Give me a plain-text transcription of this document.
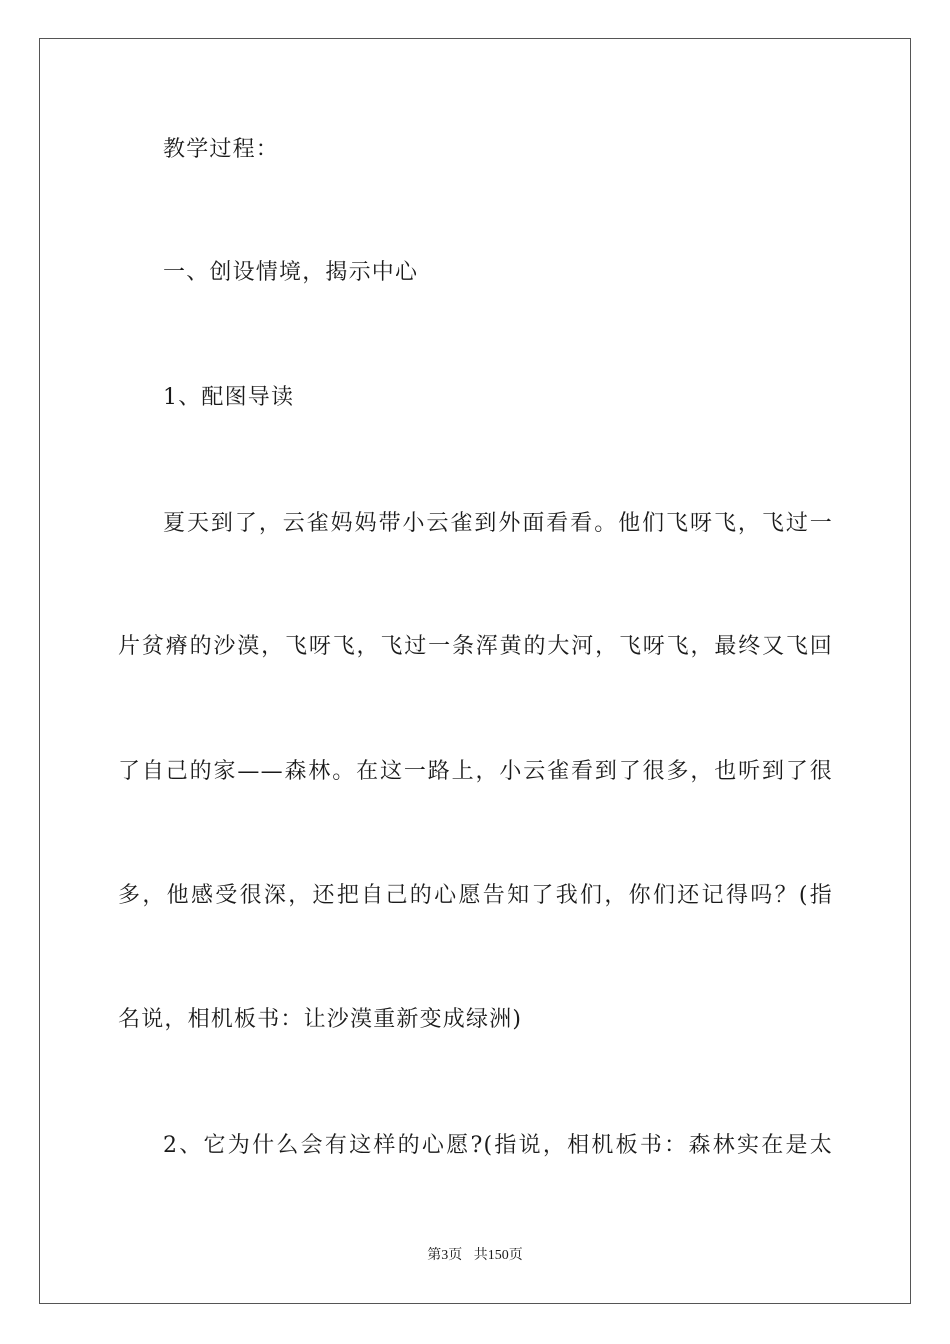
教学过程：
一、创设情境，揭示中心
1、配图导读
夏天到了，云雀妈妈带小云雀到外面看看。他们飞呀飞，飞过一
片贫瘠的沙漠，飞呀飞，飞过一条浑黄的大河，飞呀飞，最终又飞回
了自己的家——森林。在这一路上，小云雀看到了很多，也听到了很
多，他感受很深，还把自己的心愿告知了我们，你们还记得吗？(指
名说，相机板书：让沙漠重新变成绿洲)
2、它为什么会有这样的心愿?(指说，相机板书：森林实在是太
第3页 共150页
